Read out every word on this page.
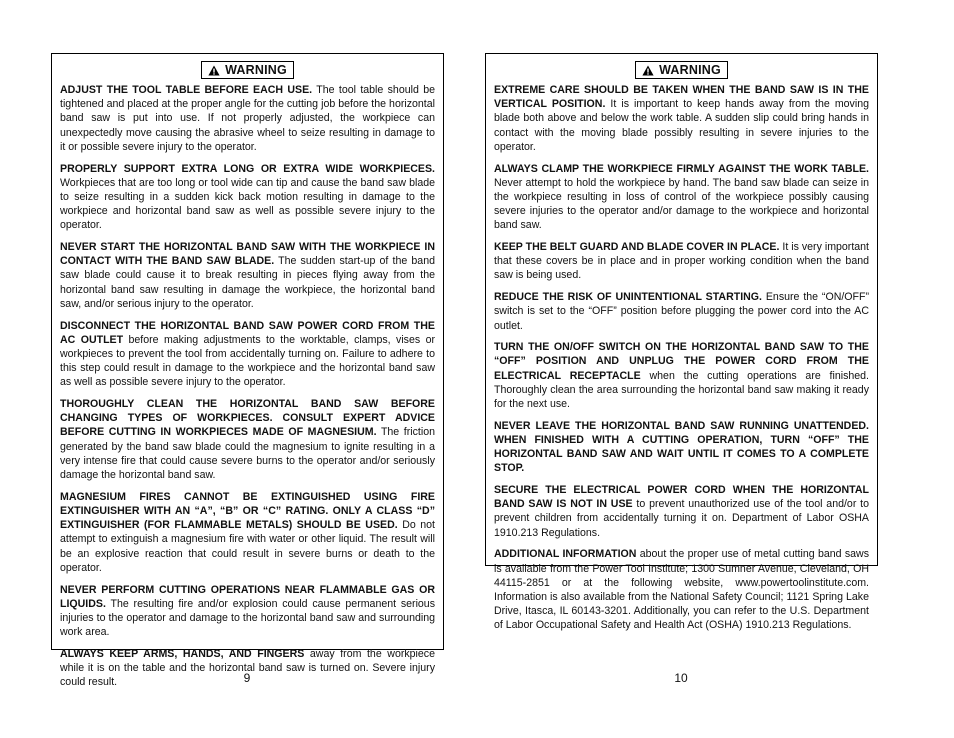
WARNING

ADJUST THE TOOL TABLE BEFORE EACH USE. The tool table should be tightened and placed at the proper angle for the cutting job before the horizontal band saw is put into use. If not properly adjusted, the workpiece can unexpectedly move causing the abrasive wheel to seize resulting in damage to it or possible severe injury to the operator.

PROPERLY SUPPORT EXTRA LONG OR EXTRA WIDE WORKPIECES. Workpieces that are too long or tool wide can tip and cause the band saw blade to seize resulting in a sudden kick back motion resulting in damage to the workpiece and horizontal band saw as well as possible severe injury to the operator.

NEVER START THE HORIZONTAL BAND SAW WITH THE WORKPIECE IN CONTACT WITH THE BAND SAW BLADE. The sudden start-up of the band saw blade could cause it to break resulting in pieces flying away from the horizontal band saw resulting in damage the workpiece, the horizontal band saw, and/or serious injury to the operator.

DISCONNECT THE HORIZONTAL BAND SAW POWER CORD FROM THE AC OUTLET before making adjustments to the worktable, clamps, vises or workpieces to prevent the tool from accidentally turning on. Failure to adhere to this step could result in damage to the workpiece and the horizontal band saw as well as possible severe injury to the operator.

THOROUGHLY CLEAN THE HORIZONTAL BAND SAW BEFORE CHANGING TYPES OF WORKPIECES. CONSULT EXPERT ADVICE BEFORE CUTTING IN WORKPIECES MADE OF MAGNESIUM. The friction generated by the band saw blade could the magnesium to ignite resulting in a very intense fire that could cause severe burns to the operator and/or seriously damage the horizontal band saw.

MAGNESIUM FIRES CANNOT BE EXTINGUISHED USING FIRE EXTINGUISHER WITH AN “A”, “B” OR “C” RATING. ONLY A CLASS “D” EXTINGUISHER (FOR FLAMMABLE METALS) SHOULD BE USED. Do not attempt to extinguish a magnesium fire with water or other liquid. The result will be an explosive reaction that could result in severe burns or death to the operator.

NEVER PERFORM CUTTING OPERATIONS NEAR FLAMMABLE GAS OR LIQUIDS. The resulting fire and/or explosion could cause permanent serious injuries to the operator and damage to the horizontal band saw and surrounding work area.

ALWAYS KEEP ARMS, HANDS, AND FINGERS away from the workpiece while it is on the table and the horizontal band saw is turned on. Severe injury could result.

WARNING

EXTREME CARE SHOULD BE TAKEN WHEN THE BAND SAW IS IN THE VERTICAL POSITION. It is important to keep hands away from the moving blade both above and below the work table. A sudden slip could bring hands in contact with the moving blade possibly resulting in severe injuries to the operator.

ALWAYS CLAMP THE WORKPIECE FIRMLY AGAINST THE WORK TABLE. Never attempt to hold the workpiece by hand. The band saw blade can seize in the workpiece resulting in loss of control of the workpiece possibly causing severe injuries to the operator and/or damage to the workpiece and horizontal band saw.

KEEP THE BELT GUARD AND BLADE COVER IN PLACE. It is very important that these covers be in place and in proper working condition when the band saw is being used.

REDUCE THE RISK OF UNINTENTIONAL STARTING. Ensure the “ON/OFF” switch is set to the “OFF” position before plugging the power cord into the AC outlet.

TURN THE ON/OFF SWITCH ON THE HORIZONTAL BAND SAW TO THE “OFF” POSITION AND UNPLUG THE POWER CORD FROM THE ELECTRICAL RECEPTACLE when the cutting operations are finished. Thoroughly clean the area surrounding the horizontal band saw making it ready for the next use.

NEVER LEAVE THE HORIZONTAL BAND SAW RUNNING UNATTENDED. WHEN FINISHED WITH A CUTTING OPERATION, TURN “OFF” THE HORIZONTAL BAND SAW AND WAIT UNTIL IT COMES TO A COMPLETE STOP.

SECURE THE ELECTRICAL POWER CORD WHEN THE HORIZONTAL BAND SAW IS NOT IN USE to prevent unauthorized use of the tool and/or to prevent children from accidentally turning it on. Department of Labor OSHA 1910.213 Regulations.

ADDITIONAL INFORMATION about the proper use of metal cutting band saws is available from the Power Tool Institute; 1300 Sumner Avenue, Cleveland, OH 44115-2851 or at the following website, www.powertoolinstitute.com. Information is also available from the National Safety Council; 1121 Spring Lake Drive, Itasca, IL 60143-3201. Additionally, you can refer to the U.S. Department of Labor Occupational Safety and Health Act (OSHA) 1910.213 Regulations.

9	10
